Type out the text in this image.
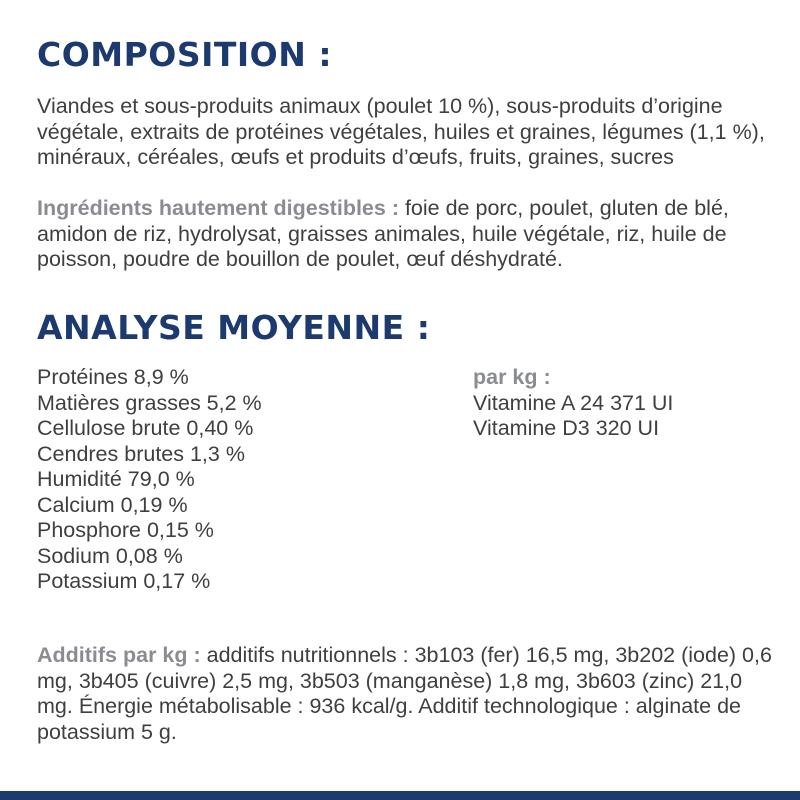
COMPOSITION :

Viandes et sous-produits animaux (poulet 10 %), sous-produits d’origine végétale, extraits de protéines végétales, huiles et graines, légumes (1,1 %), minéraux, céréales, œufs et produits d’œufs, fruits, graines, sucres

Ingrédients hautement digestibles : foie de porc, poulet, gluten de blé, amidon de riz, hydrolysat, graisses animales, huile végétale, riz, huile de poisson, poudre de bouillon de poulet, œuf déshydraté.

ANALYSE MOYENNE :
Protéines 8,9 %
Matières grasses 5,2 %
Cellulose brute 0,40 %
Cendres brutes 1,3 %
Humidité 79,0 %
Calcium 0,19 %
Phosphore 0,15 %
Sodium 0,08 %
Potassium 0,17 %
par kg :
Vitamine A 24 371 UI
Vitamine D3 320 UI

Additifs par kg : additifs nutritionnels : 3b103 (fer) 16,5 mg, 3b202 (iode) 0,6 mg, 3b405 (cuivre) 2,5 mg, 3b503 (manganèse) 1,8 mg, 3b603 (zinc) 21,0 mg. Énergie métabolisable : 936 kcal/g. Additif technologique : alginate de potassium 5 g.
